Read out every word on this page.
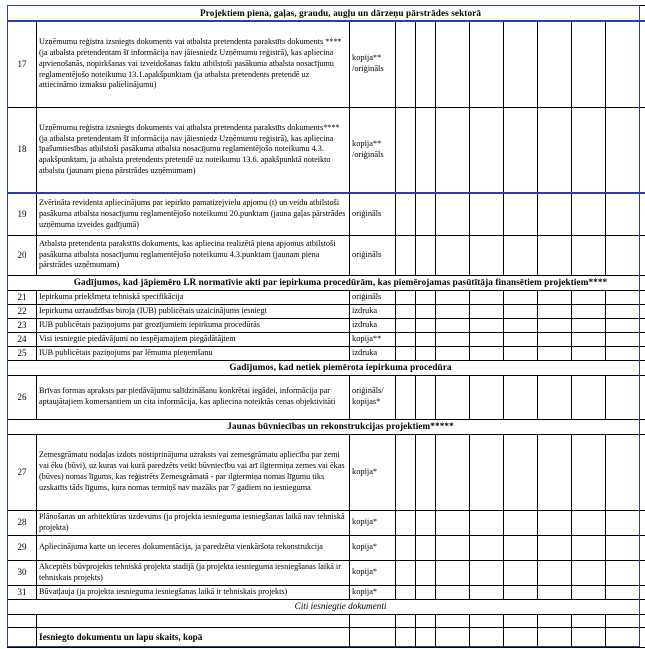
Projektiem piena, gaļas, graudu, augļu un dārzeņu pārstrādes sektorā											
17	Uzņēmumu reģistra izsniegts dokuments vai atbalsta pretendenta parakstīts dokuments **** (ja atbalsta pretendentam šī informācija nav jāiesniedz Uzņēmumu reģistrā), kas apliecina apvienošanās, nopirkšanas vai izveidošanas faktu atbilstoši pasākuma atbalsta nosacījumu reglamentējošo noteikumu 13.1.apakšpunktam (ja atbalsta pretendents pretendē uz attiecināmo izmaksu palielinājumu)	kopija** /oriģināls									
18	Uzņēmumu reģistra izsniegts dokuments vai atbalsta pretendenta parakstīts dokuments**** (ja atbalsta pretendentam šī informācija nav jāiesniedz Uzņēmumu reģistrā), kas apliecina īpašumtiesības atbilstoši pasākuma atbalsta nosacījumu reglamentējošo noteikumu 4.3. apakšpunktam, ja atbalsta pretendents pretendē uz noteikumu 13.6. apakšpunktā noteikto atbalstu (jaunam piena pārstrādes uzņēmumam)	kopija** /oriģināls									
19	Zvērināta revidenta apliecinājums par iepirkto pamatizejvielu apjomu (t) un veidu atbilstoši pasākuma atbalsta nosacījumu reglamentējošo noteikumu 20.punktam (jauna gaļas pārstrādes uzņēmuma izveides gadījumā)	oriģināls									
20	Atbalsta pretendenta parakstīts dokuments, kas apliecina realizētā piena apjomus atbilstoši pasākuma atbalsta nosacījumu reglamentējošo noteikumu 4.3.punktam (jaunam piena pārstrādes uzņēmumam)	oriģināls									
Gadījumos, kad jāpiemēro LR normatīvie akti par iepirkuma procedūrām, kas piemērojamas pasūtītāja finansētiem projektiem****											
21	Iepirkuma priekšmeta tehniskā specifikācija	oriģināls									
22	Iepirkuma uzraudzības biroja (IUB) publicētais uzaicinājums iesniegt	izdruka									
23	IUB publicētais paziņojums par grozījumiem iepirkuma procedūrās	izdruka									
24	Visi iesniegtie piedāvājumi no iespējamajiem piegādātājiem	kopija**									
25	IUB publicētais paziņojums par lēmuma pieņemšanu	izdruka									
Gadījumos, kad netiek piemērota iepirkuma procedūra											
26	Brīvas formas apraksts par piedāvājumu salīdzināšanu konkrētai iegādei, informācija par aptaujātajiem komersantiem un cita informācija, kas apliecina noteiktās cenas objektivitāti	oriģināls/ kopijas*									
Jaunas būvniecības un rekonstrukcijas projektiem*****											
27	Zemesgrāmatu nodaļas izdots nostiprinājuma uzraksts vai zemesgrāmatu apliecība par zemi vai ēku (būvi), uz kuras vai kurā paredzēts veikt būvniecību vai arī ilgtermiņa zemes vai ēkas (būves) nomas līgums, kas reģistrēts Zemesgrāmatā - par ilgtermiņa nomas līgumu tiks uzskatīts tāds līgums, kura nomas termiņš nav mazāks par 7 gadiem no iesnieguma	kopija*									
28	Plānošanas un arhitektūras uzdevums (ja projekta iesnieguma iesniegšanas laikā nav tehniskā projekta)	kopija*									
29	Apliecinājuma karte un ieceres dokumentācija, ja paredzēta vienkāršota rekonstrukcija	kopija*									
30	Akceptēts būvprojekts tehniskā projekta stadijā (ja projekta iesnieguma iesniegšanas laikā ir tehniskais projekts)	kopija*									
31	Būvatļauja (ja projekta iesnieguma iesniegšanas laikā ir tehniskais projekts)	kopija*									
Citi iesniegtie dokumenti											

	Iesniegto dokumentu un lapu skaits, kopā										
